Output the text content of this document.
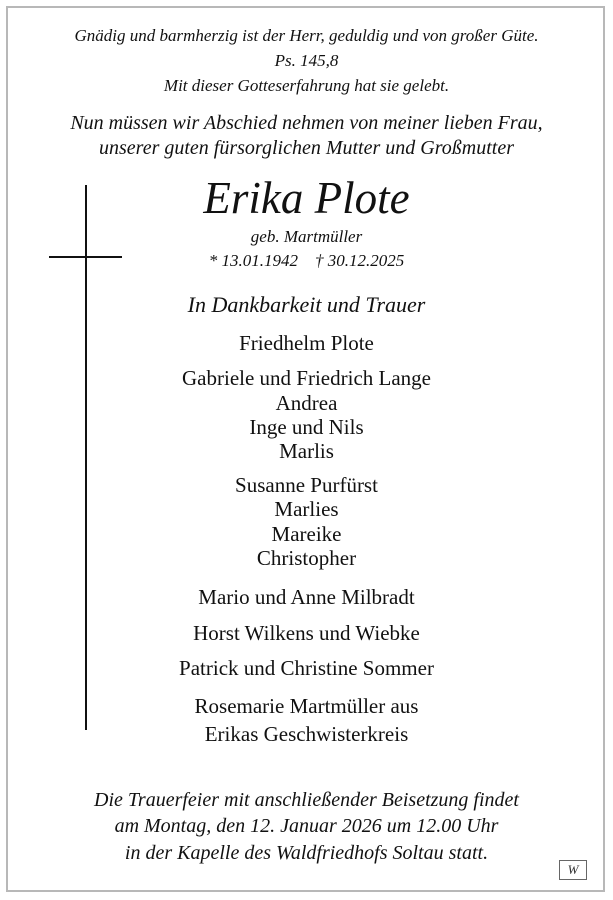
Gnädig und barmherzig ist der Herr, geduldig und von großer Güte.
Ps. 145,8
Mit dieser Gotteserfahrung hat sie gelebt.
Nun müssen wir Abschied nehmen von meiner lieben Frau,
unserer guten fürsorglichen Mutter und Großmutter
Erika Plote
geb. Martmüller
* 13.01.1942    † 30.12.2025
In Dankbarkeit und Trauer
Friedhelm Plote
Gabriele und Friedrich Lange
Andrea
Inge und Nils
Marlis
Susanne Purfürst
Marlies
Mareike
Christopher
Mario und Anne Milbradt
Horst Wilkens und Wiebke
Patrick und Christine Sommer
Rosemarie Martmüller aus
Erikas Geschwisterkreis
Die Trauerfeier mit anschließender Beisetzung findet
am Montag, den 12. Januar 2026 um 12.00 Uhr
in der Kapelle des Waldfriedhofs Soltau statt.
W
